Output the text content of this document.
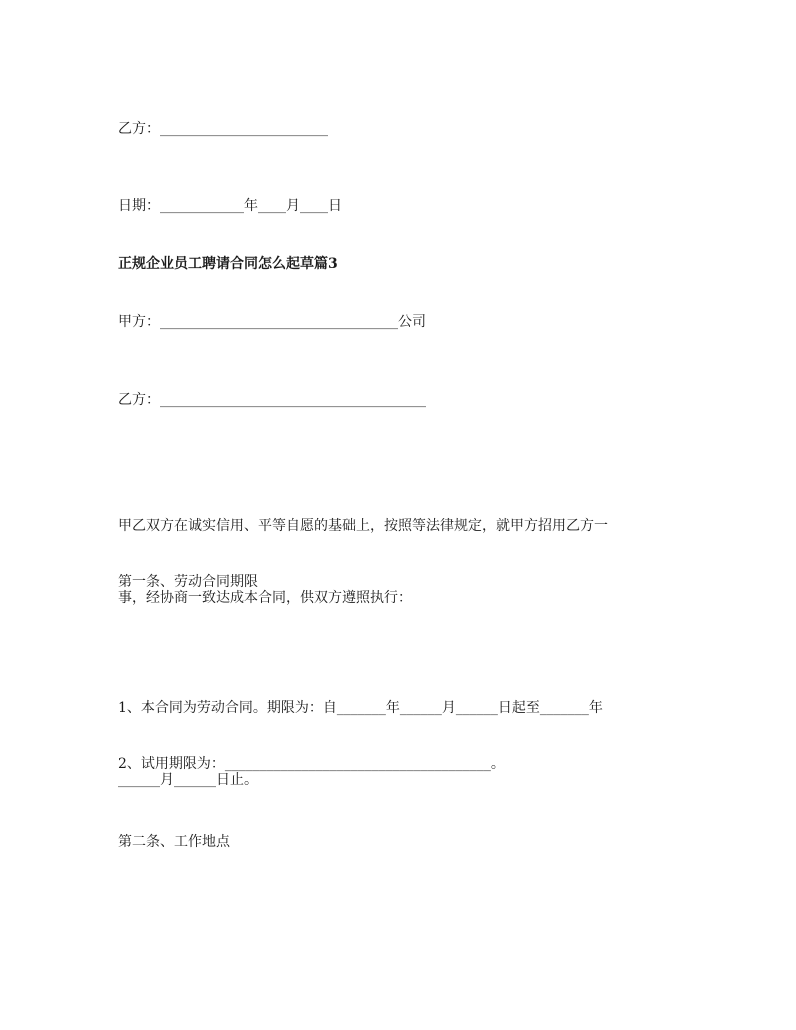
乙方：________________________
日期：____________年____月____日
正规企业员工聘请合同怎么起草篇3
甲方：__________________________________公司
乙方：______________________________________

甲乙双方在诚实信用、平等自愿的基础上，按照等法律规定，就甲方招用乙方一

事，经协商一致达成本合同，供双方遵照执行：

第一条、劳动合同期限

1、本合同为劳动合同。期限为：自_______年______月______日起至_______年

______月______日止。

2、试用期限为：______________________________________。
第二条、工作地点
